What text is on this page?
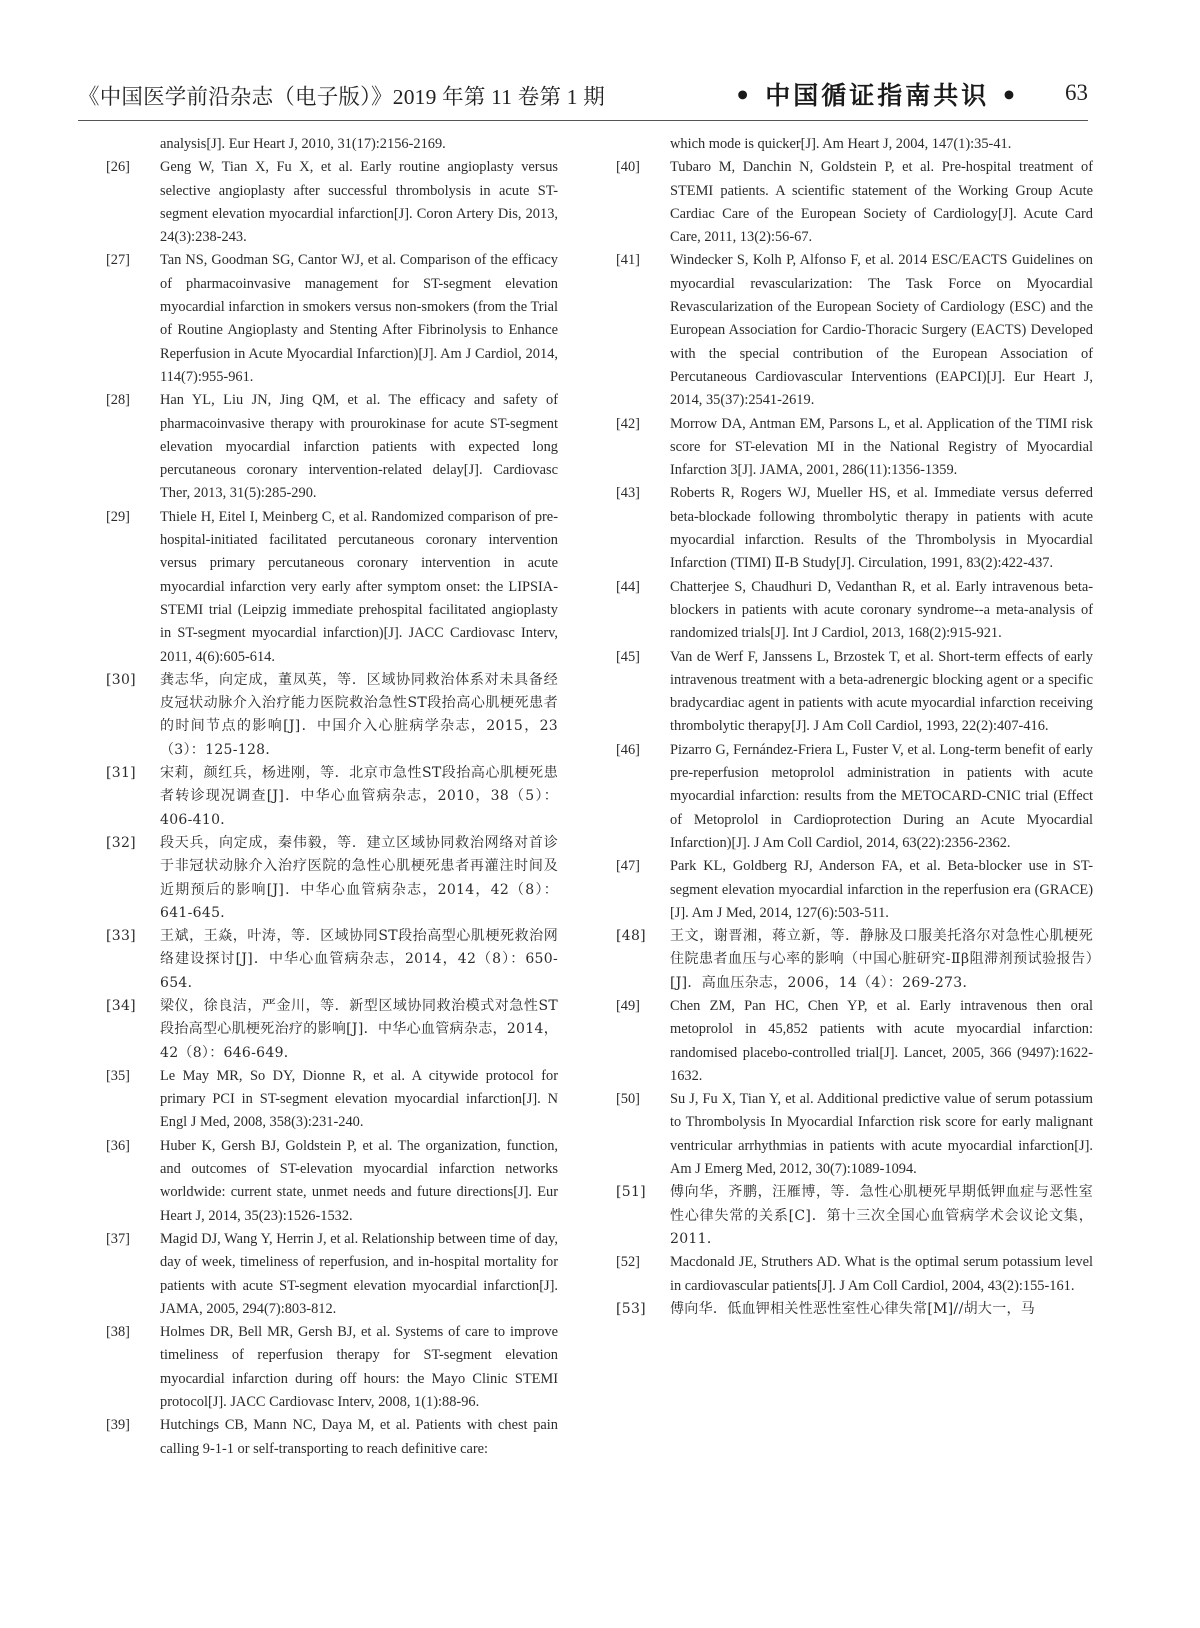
《中国医学前沿杂志（电子版）》2019 年第 11 卷第 1 期	• 中国循证指南共识 • 63

analysis[J]. Eur Heart J, 2010, 31(17):2156-2169.

[26] Geng W, Tian X, Fu X, et al. Early routine angioplasty versus selective angioplasty after successful thrombolysis in acute ST-segment elevation myocardial infarction[J]. Coron Artery Dis, 2013, 24(3):238-243.

[27] Tan NS, Goodman SG, Cantor WJ, et al. Comparison of the efficacy of pharmacoinvasive management for ST-segment elevation myocardial infarction in smokers versus non-smokers (from the Trial of Routine Angioplasty and Stenting After Fibrinolysis to Enhance Reperfusion in Acute Myocardial Infarction)[J]. Am J Cardiol, 2014, 114(7):955-961.

[28] Han YL, Liu JN, Jing QM, et al. The efficacy and safety of pharmacoinvasive therapy with prourokinase for acute ST-segment elevation myocardial infarction patients with expected long percutaneous coronary intervention-related delay[J]. Cardiovasc Ther, 2013, 31(5):285-290.

[29] Thiele H, Eitel I, Meinberg C, et al. Randomized comparison of pre-hospital-initiated facilitated percutaneous coronary intervention versus primary percutaneous coronary intervention in acute myocardial infarction very early after symptom onset: the LIPSIA-STEMI trial (Leipzig immediate prehospital facilitated angioplasty in ST-segment myocardial infarction)[J]. JACC Cardiovasc Interv, 2011, 4(6):605-614.

[30] 龚志华，向定成，董凤英，等．区域协同救治体系对未具备经皮冠状动脉介入治疗能力医院救治急性ST段抬高心肌梗死患者的时间节点的影响[J]．中国介入心脏病学杂志，2015，23（3）：125-128．

[31] 宋莉，颜红兵，杨进刚，等．北京市急性ST段抬高心肌梗死患者转诊现况调查[J]．中华心血管病杂志，2010，38（5）：406-410．

[32] 段天兵，向定成，秦伟毅，等．建立区域协同救治网络对首诊于非冠状动脉介入治疗医院的急性心肌梗死患者再灌注时间及近期预后的影响[J]．中华心血管病杂志，2014，42（8）：641-645．

[33] 王斌，王焱，叶涛，等．区域协同ST段抬高型心肌梗死救治网络建设探讨[J]．中华心血管病杂志，2014，42（8）：650-654．

[34] 梁仪，徐良洁，严金川，等．新型区域协同救治模式对急性ST段抬高型心肌梗死治疗的影响[J]．中华心血管病杂志，2014，42（8）：646-649．

[35] Le May MR, So DY, Dionne R, et al. A citywide protocol for primary PCI in ST-segment elevation myocardial infarction[J]. N Engl J Med, 2008, 358(3):231-240.

[36] Huber K, Gersh BJ, Goldstein P, et al. The organization, function, and outcomes of ST-elevation myocardial infarction networks worldwide: current state, unmet needs and future directions[J]. Eur Heart J, 2014, 35(23):1526-1532.

[37] Magid DJ, Wang Y, Herrin J, et al. Relationship between time of day, day of week, timeliness of reperfusion, and in-hospital mortality for patients with acute ST-segment elevation myocardial infarction[J]. JAMA, 2005, 294(7):803-812.

[38] Holmes DR, Bell MR, Gersh BJ, et al. Systems of care to improve timeliness of reperfusion therapy for ST-segment elevation myocardial infarction during off hours: the Mayo Clinic STEMI protocol[J]. JACC Cardiovasc Interv, 2008, 1(1):88-96.

[39] Hutchings CB, Mann NC, Daya M, et al. Patients with chest pain calling 9-1-1 or self-transporting to reach definitive care:

which mode is quicker[J]. Am Heart J, 2004, 147(1):35-41.

[40] Tubaro M, Danchin N, Goldstein P, et al. Pre-hospital treatment of STEMI patients. A scientific statement of the Working Group Acute Cardiac Care of the European Society of Cardiology[J]. Acute Card Care, 2011, 13(2):56-67.

[41] Windecker S, Kolh P, Alfonso F, et al. 2014 ESC/EACTS Guidelines on myocardial revascularization: The Task Force on Myocardial Revascularization of the European Society of Cardiology (ESC) and the European Association for Cardio-Thoracic Surgery (EACTS) Developed with the special contribution of the European Association of Percutaneous Cardiovascular Interventions (EAPCI)[J]. Eur Heart J, 2014, 35(37):2541-2619.

[42] Morrow DA, Antman EM, Parsons L, et al. Application of the TIMI risk score for ST-elevation MI in the National Registry of Myocardial Infarction 3[J]. JAMA, 2001, 286(11):1356-1359.

[43] Roberts R, Rogers WJ, Mueller HS, et al. Immediate versus deferred beta-blockade following thrombolytic therapy in patients with acute myocardial infarction. Results of the Thrombolysis in Myocardial Infarction (TIMI) Ⅱ-B Study[J]. Circulation, 1991, 83(2):422-437.

[44] Chatterjee S, Chaudhuri D, Vedanthan R, et al. Early intravenous beta-blockers in patients with acute coronary syndrome--a meta-analysis of randomized trials[J]. Int J Cardiol, 2013, 168(2):915-921.

[45] Van de Werf F, Janssens L, Brzostek T, et al. Short-term effects of early intravenous treatment with a beta-adrenergic blocking agent or a specific bradycardiac agent in patients with acute myocardial infarction receiving thrombolytic therapy[J]. J Am Coll Cardiol, 1993, 22(2):407-416.

[46] Pizarro G, Fernández-Friera L, Fuster V, et al. Long-term benefit of early pre-reperfusion metoprolol administration in patients with acute myocardial infarction: results from the METOCARD-CNIC trial (Effect of Metoprolol in Cardioprotection During an Acute Myocardial Infarction)[J]. J Am Coll Cardiol, 2014, 63(22):2356-2362.

[47] Park KL, Goldberg RJ, Anderson FA, et al. Beta-blocker use in ST-segment elevation myocardial infarction in the reperfusion era (GRACE)[J]. Am J Med, 2014, 127(6):503-511.

[48] 王文，谢晋湘，蒋立新，等．静脉及口服美托洛尔对急性心肌梗死住院患者血压与心率的影响（中国心脏研究-Ⅱβ阻滞剂预试验报告）[J]．高血压杂志，2006，14（4）：269-273．

[49] Chen ZM, Pan HC, Chen YP, et al. Early intravenous then oral metoprolol in 45,852 patients with acute myocardial infarction: randomised placebo-controlled trial[J]. Lancet, 2005, 366 (9497):1622-1632.

[50] Su J, Fu X, Tian Y, et al. Additional predictive value of serum potassium to Thrombolysis In Myocardial Infarction risk score for early malignant ventricular arrhythmias in patients with acute myocardial infarction[J]. Am J Emerg Med, 2012, 30(7):1089-1094.

[51] 傅向华，齐鹏，汪雁博，等．急性心肌梗死早期低钾血症与恶性室性心律失常的关系[C]．第十三次全国心血管病学术会议论文集，2011．

[52] Macdonald JE, Struthers AD. What is the optimal serum potassium level in cardiovascular patients[J]. J Am Coll Cardiol, 2004, 43(2):155-161.

[53] 傅向华．低血钾相关性恶性室性心律失常[M]//胡大一，马
